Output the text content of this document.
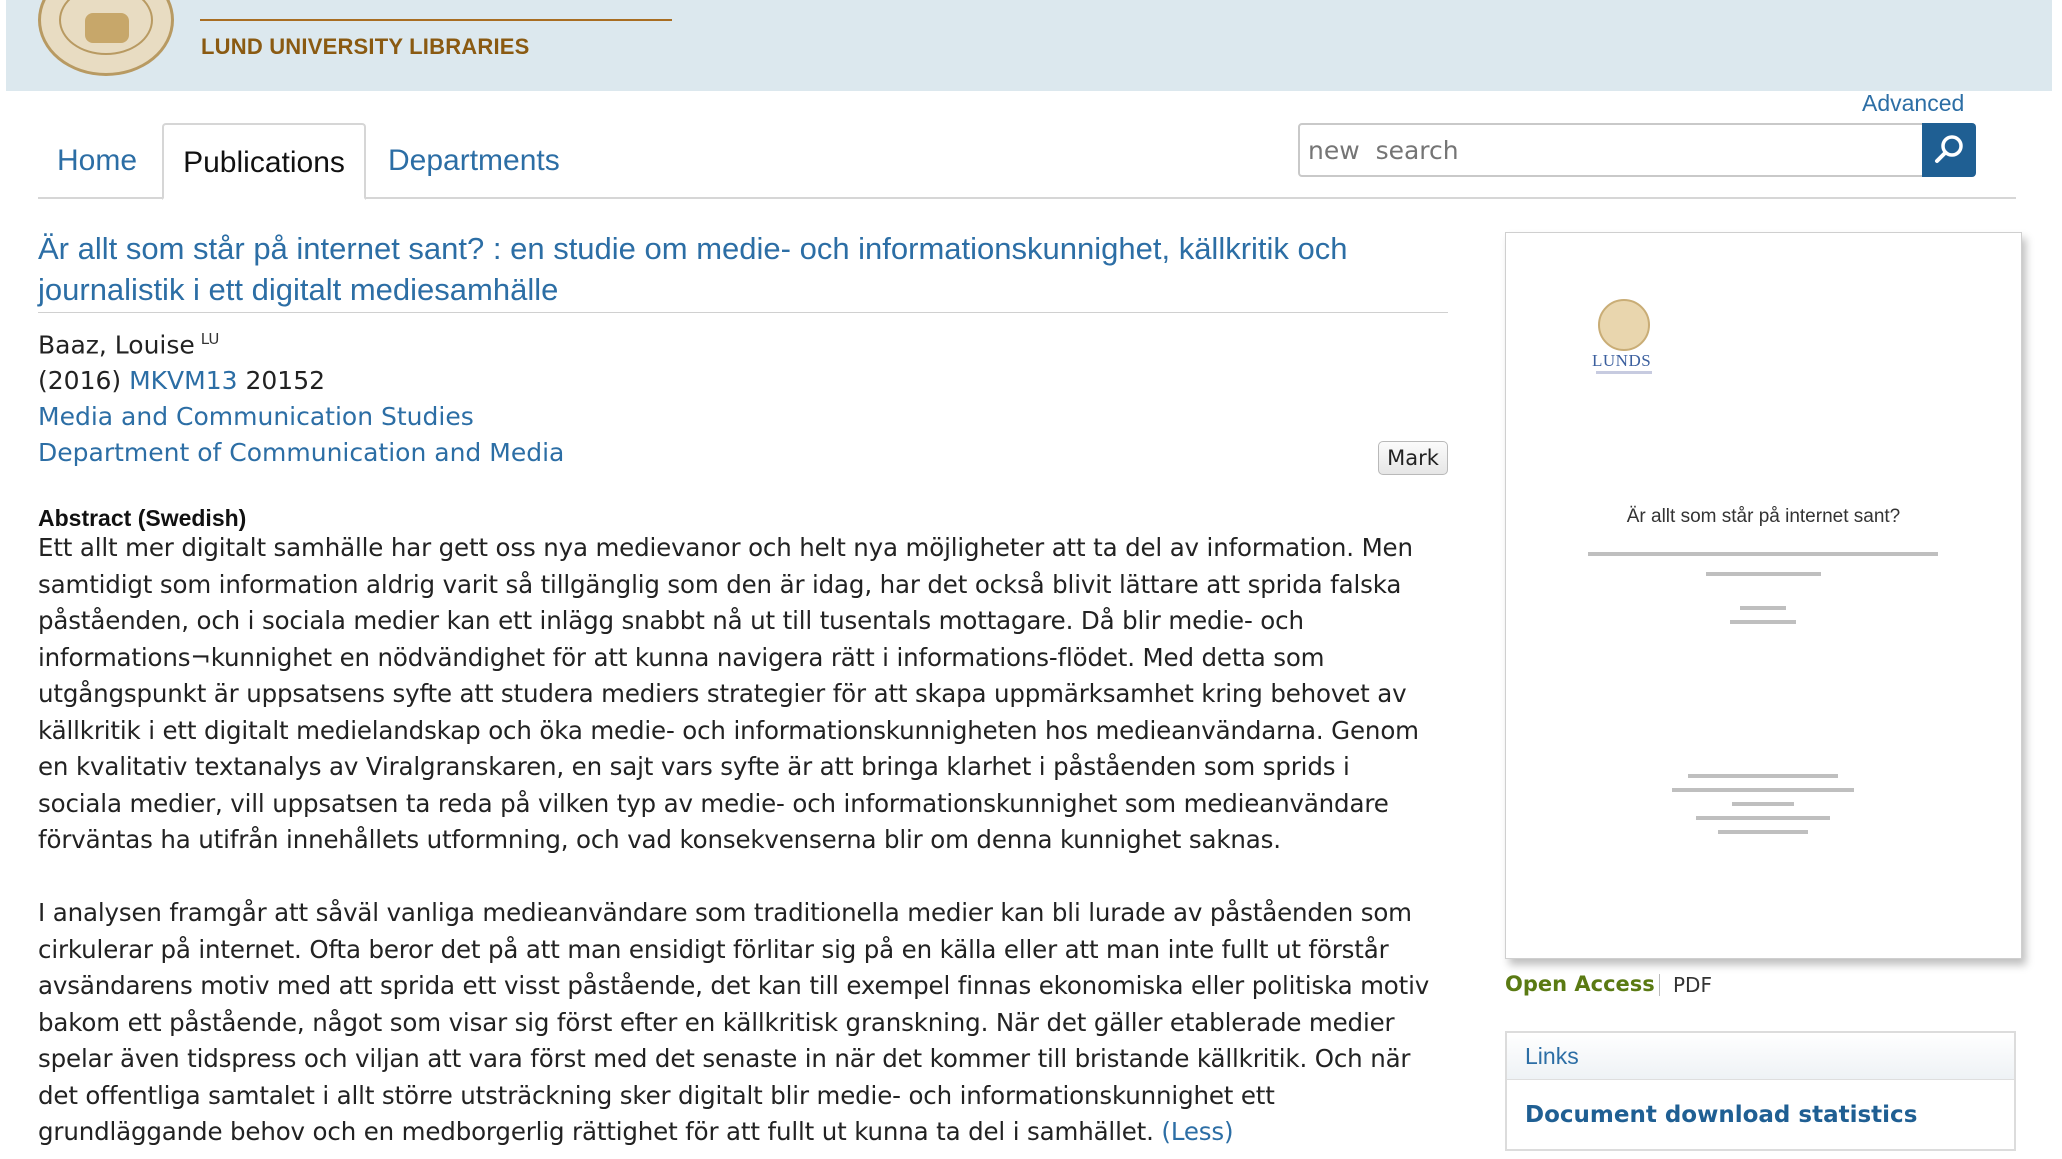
LUND UNIVERSITY LIBRARIES
Home	Publications	Departments
Advanced
new search
Är allt som står på internet sant? : en studie om medie- och informationskunnighet, källkritik och journalistik i ett digitalt mediesamhälle
Baaz, Louise $^{LU}$
(2016) MKVM13 20152
Media and Communication Studies
Department of Communication and Media	Mark
Abstract (Swedish)
Ett allt mer digitalt samhälle har gett oss nya medievanor och helt nya möjligheter att ta del av information. Men
samtidigt som information aldrig varit så tillgänglig som den är idag, har det också blivit lättare att sprida falska
påståenden, och i sociala medier kan ett inlägg snabbt nå ut till tusentals mottagare. Då blir medie- och
informations¬kunnighet en nödvändighet för att kunna navigera rätt i informations-flödet. Med detta som
utgångspunkt är uppsatsens syfte att studera mediers strategier för att skapa uppmärksamhet kring behovet av
källkritik i ett digitalt medielandskap och öka medie- och informationskunnigheten hos medieanvändarna. Genom
en kvalitativ textanalys av Viralgranskaren, en sajt vars syfte är att bringa klarhet i påståenden som sprids i
sociala medier, vill uppsatsen ta reda på vilken typ av medie- och informationskunnighet som medieanvändare
förväntas ha utifrån innehållets utformning, och vad konsekvenserna blir om denna kunnighet saknas.
I analysen framgår att såväl vanliga medieanvändare som traditionella medier kan bli lurade av påståenden som
cirkulerar på internet. Ofta beror det på att man ensidigt förlitar sig på en källa eller att man inte fullt ut förstår
avsändarens motiv med att sprida ett visst påstående, det kan till exempel finnas ekonomiska eller politiska motiv
bakom ett påstående, något som visar sig först efter en källkritisk granskning. När det gäller etablerade medier
spelar även tidspress och viljan att vara först med det senaste in när det kommer till bristande källkritik. Och när
det offentliga samtalet i allt större utsträckning sker digitalt blir medie- och informationskunnighet ett
grundläggande behov och en medborgerlig rättighet för att fullt ut kunna ta del i samhället. (Less)
LUNDS
Är allt som står på internet sant?
Open Access PDF
Links
Document download statistics
